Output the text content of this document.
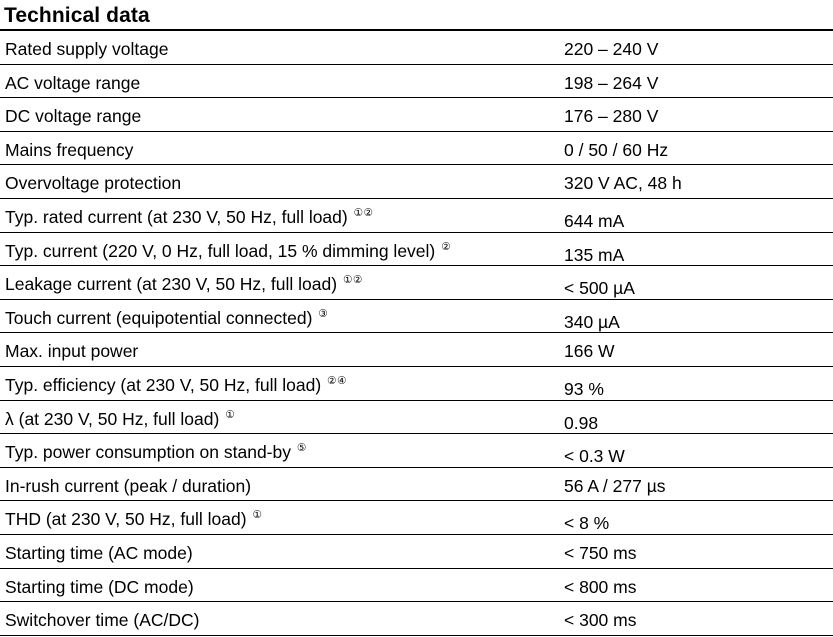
Technical data
Rated supply voltage	220 – 240 V
AC voltage range	198 – 264 V
DC voltage range	176 – 280 V
Mains frequency	0 / 50 / 60 Hz
Overvoltage protection	320 V AC, 48 h
Typ. rated current (at 230 V, 50 Hz, full load) ①②	644 mA
Typ. current (220 V, 0 Hz, full load, 15 % dimming level) ②	135 mA
Leakage current (at 230 V, 50 Hz, full load) ①②	< 500 µA
Touch current (equipotential connected) ③	340 µA
Max. input power	166 W
Typ. efficiency (at 230 V, 50 Hz, full load) ②④	93 %
λ (at 230 V, 50 Hz, full load) ①	0.98
Typ. power consumption on stand-by ⑤	< 0.3 W
In-rush current (peak / duration)	56 A / 277 µs
THD (at 230 V, 50 Hz, full load) ①	< 8 %
Starting time (AC mode)	< 750 ms
Starting time (DC mode)	< 800 ms
Switchover time (AC/DC)	< 300 ms
